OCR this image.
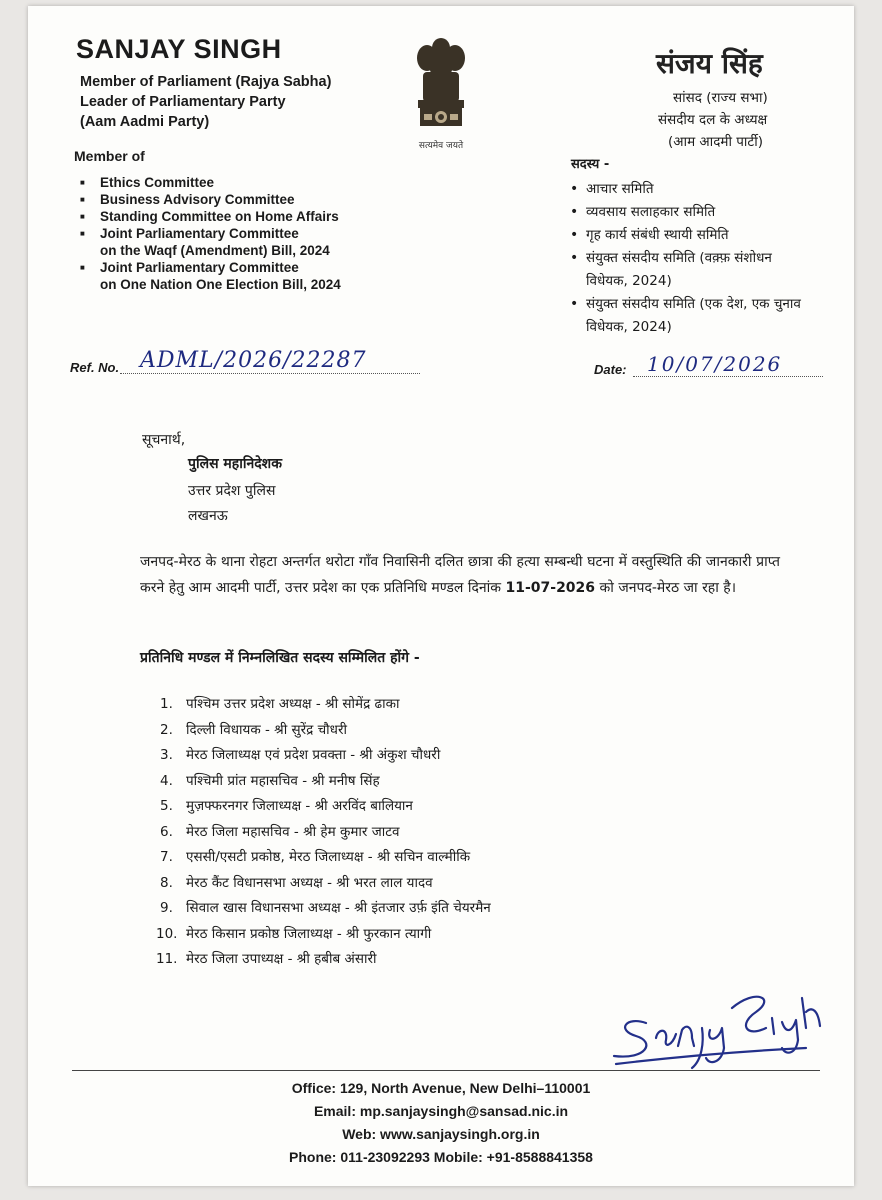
SANJAY SINGH
Member of Parliament (Rajya Sabha)
Leader of Parliamentary Party
(Aam Aadmi Party)
Member of
■ Ethics Committee
■ Business Advisory Committee
■ Standing Committee on Home Affairs
■ Joint Parliamentary Committee
on the Waqf (Amendment) Bill, 2024
■ Joint Parliamentary Committee
on One Nation One Election Bill, 2024
सत्यमेव जयते
संजय सिंह
सांसद (राज्य सभा)
संसदीय दल के अध्यक्ष
(आम आदमी पार्टी)
सदस्य -
• आचार समिति
• व्यवसाय सलाहकार समिति
• गृह कार्य संबंधी स्थायी समिति
• संयुक्त संसदीय समिति (वक़्फ़ संशोधन
विधेयक, 2024)
• संयुक्त संसदीय समिति (एक देश, एक चुनाव
विधेयक, 2024)
Ref. No. ADML/2026/22287	Date:	10/07/2026
सूचनार्थ,
पुलिस महानिदेशक
उत्तर प्रदेश पुलिस
लखनऊ
जनपद-मेरठ के थाना रोहटा अन्तर्गत थरोटा गाँव निवासिनी दलित छात्रा की हत्या सम्बन्धी घटना में वस्तुस्थिति की जानकारी प्राप्त करने हेतु आम आदमी पार्टी, उत्तर प्रदेश का एक प्रतिनिधि मण्डल दिनांक 11-07-2026 को जनपद-मेरठ जा रहा है।
प्रतिनिधि मण्डल में निम्नलिखित सदस्य सम्मिलित होंगे -
1. पश्चिम उत्तर प्रदेश अध्यक्ष - श्री सोमेंद्र ढाका
2. दिल्ली विधायक - श्री सुरेंद्र चौधरी
3. मेरठ जिलाध्यक्ष एवं प्रदेश प्रवक्ता - श्री अंकुश चौधरी
4. पश्चिमी प्रांत महासचिव - श्री मनीष सिंह
5. मुज़फ्फरनगर जिलाध्यक्ष - श्री अरविंद बालियान
6. मेरठ जिला महासचिव - श्री हेम कुमार जाटव
7. एससी/एसटी प्रकोष्ठ, मेरठ जिलाध्यक्ष - श्री सचिन वाल्मीकि
8. मेरठ कैंट विधानसभा अध्यक्ष - श्री भरत लाल यादव
9. सिवाल खास विधानसभा अध्यक्ष - श्री इंतजार उर्फ़ इंति चेयरमैन
10. मेरठ किसान प्रकोष्ठ जिलाध्यक्ष - श्री फुरकान त्यागी
11. मेरठ जिला उपाध्यक्ष - श्री हबीब अंसारी
Office: 129, North Avenue, New Delhi–110001
Email: mp.sanjaysingh@sansad.nic.in
Web: www.sanjaysingh.org.in
Phone: 011-23092293 Mobile: +91-8588841358
